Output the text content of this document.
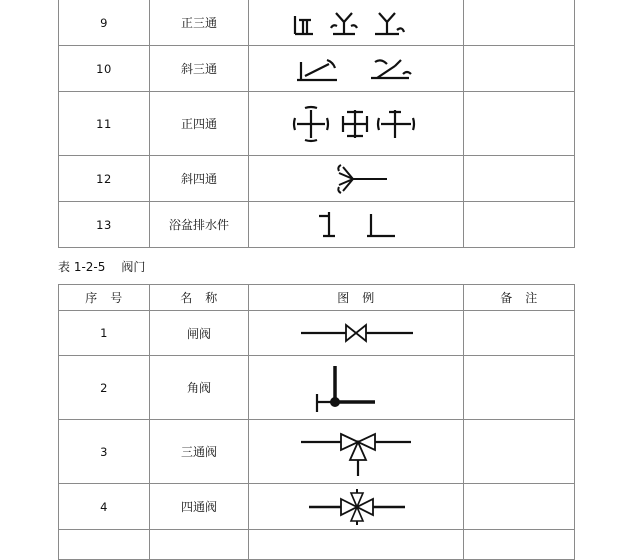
9	正三通	

10	斜三通	

11	正四通	

12	斜四通	

13	浴盆排水件	

表 1-2-5 阀门
序　号	名　称	图　例	备　注
1	闸阀	

2	角阀	

3	三通阀	

4	四通阀	
